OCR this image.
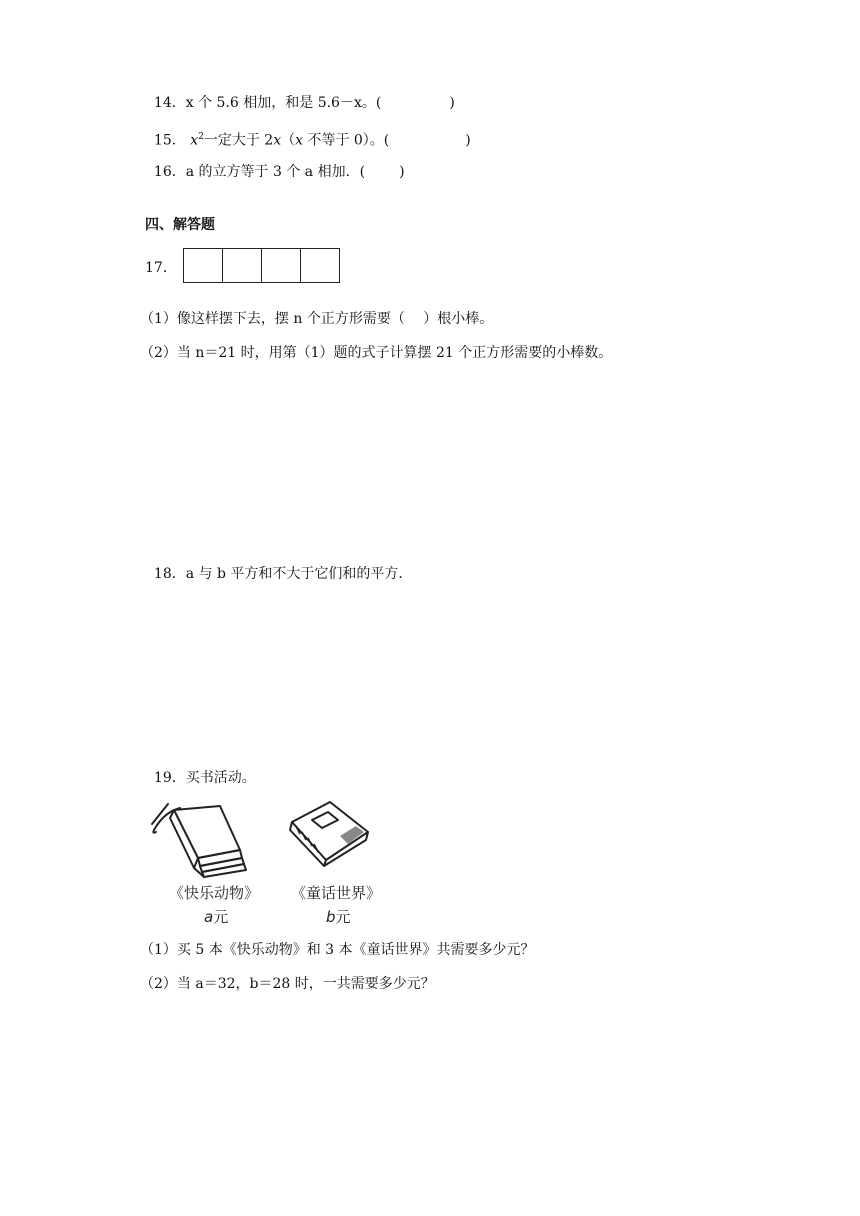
14．x 个 5.6 相加，和是 5.6－x。(	)

15． $x^2$一定大于 2x（x 不等于 0）。(	)

16．a 的立方等于 3 个 a 相加．( )

四、解答题
17．
（1）像这样摆下去，摆 n 个正方形需要（　 ）根小棒。
（2）当 n＝21 时，用第（1）题的式子计算摆 21 个正方形需要的小棒数。

18．a 与 b 平方和不大于它们和的平方．

19．买书活动。

《快乐动物》
a元
《童话世界》
b元
（1）买 5 本《快乐动物》和 3 本《童话世界》共需要多少元？
（2）当 a＝32，b＝28 时，一共需要多少元？
